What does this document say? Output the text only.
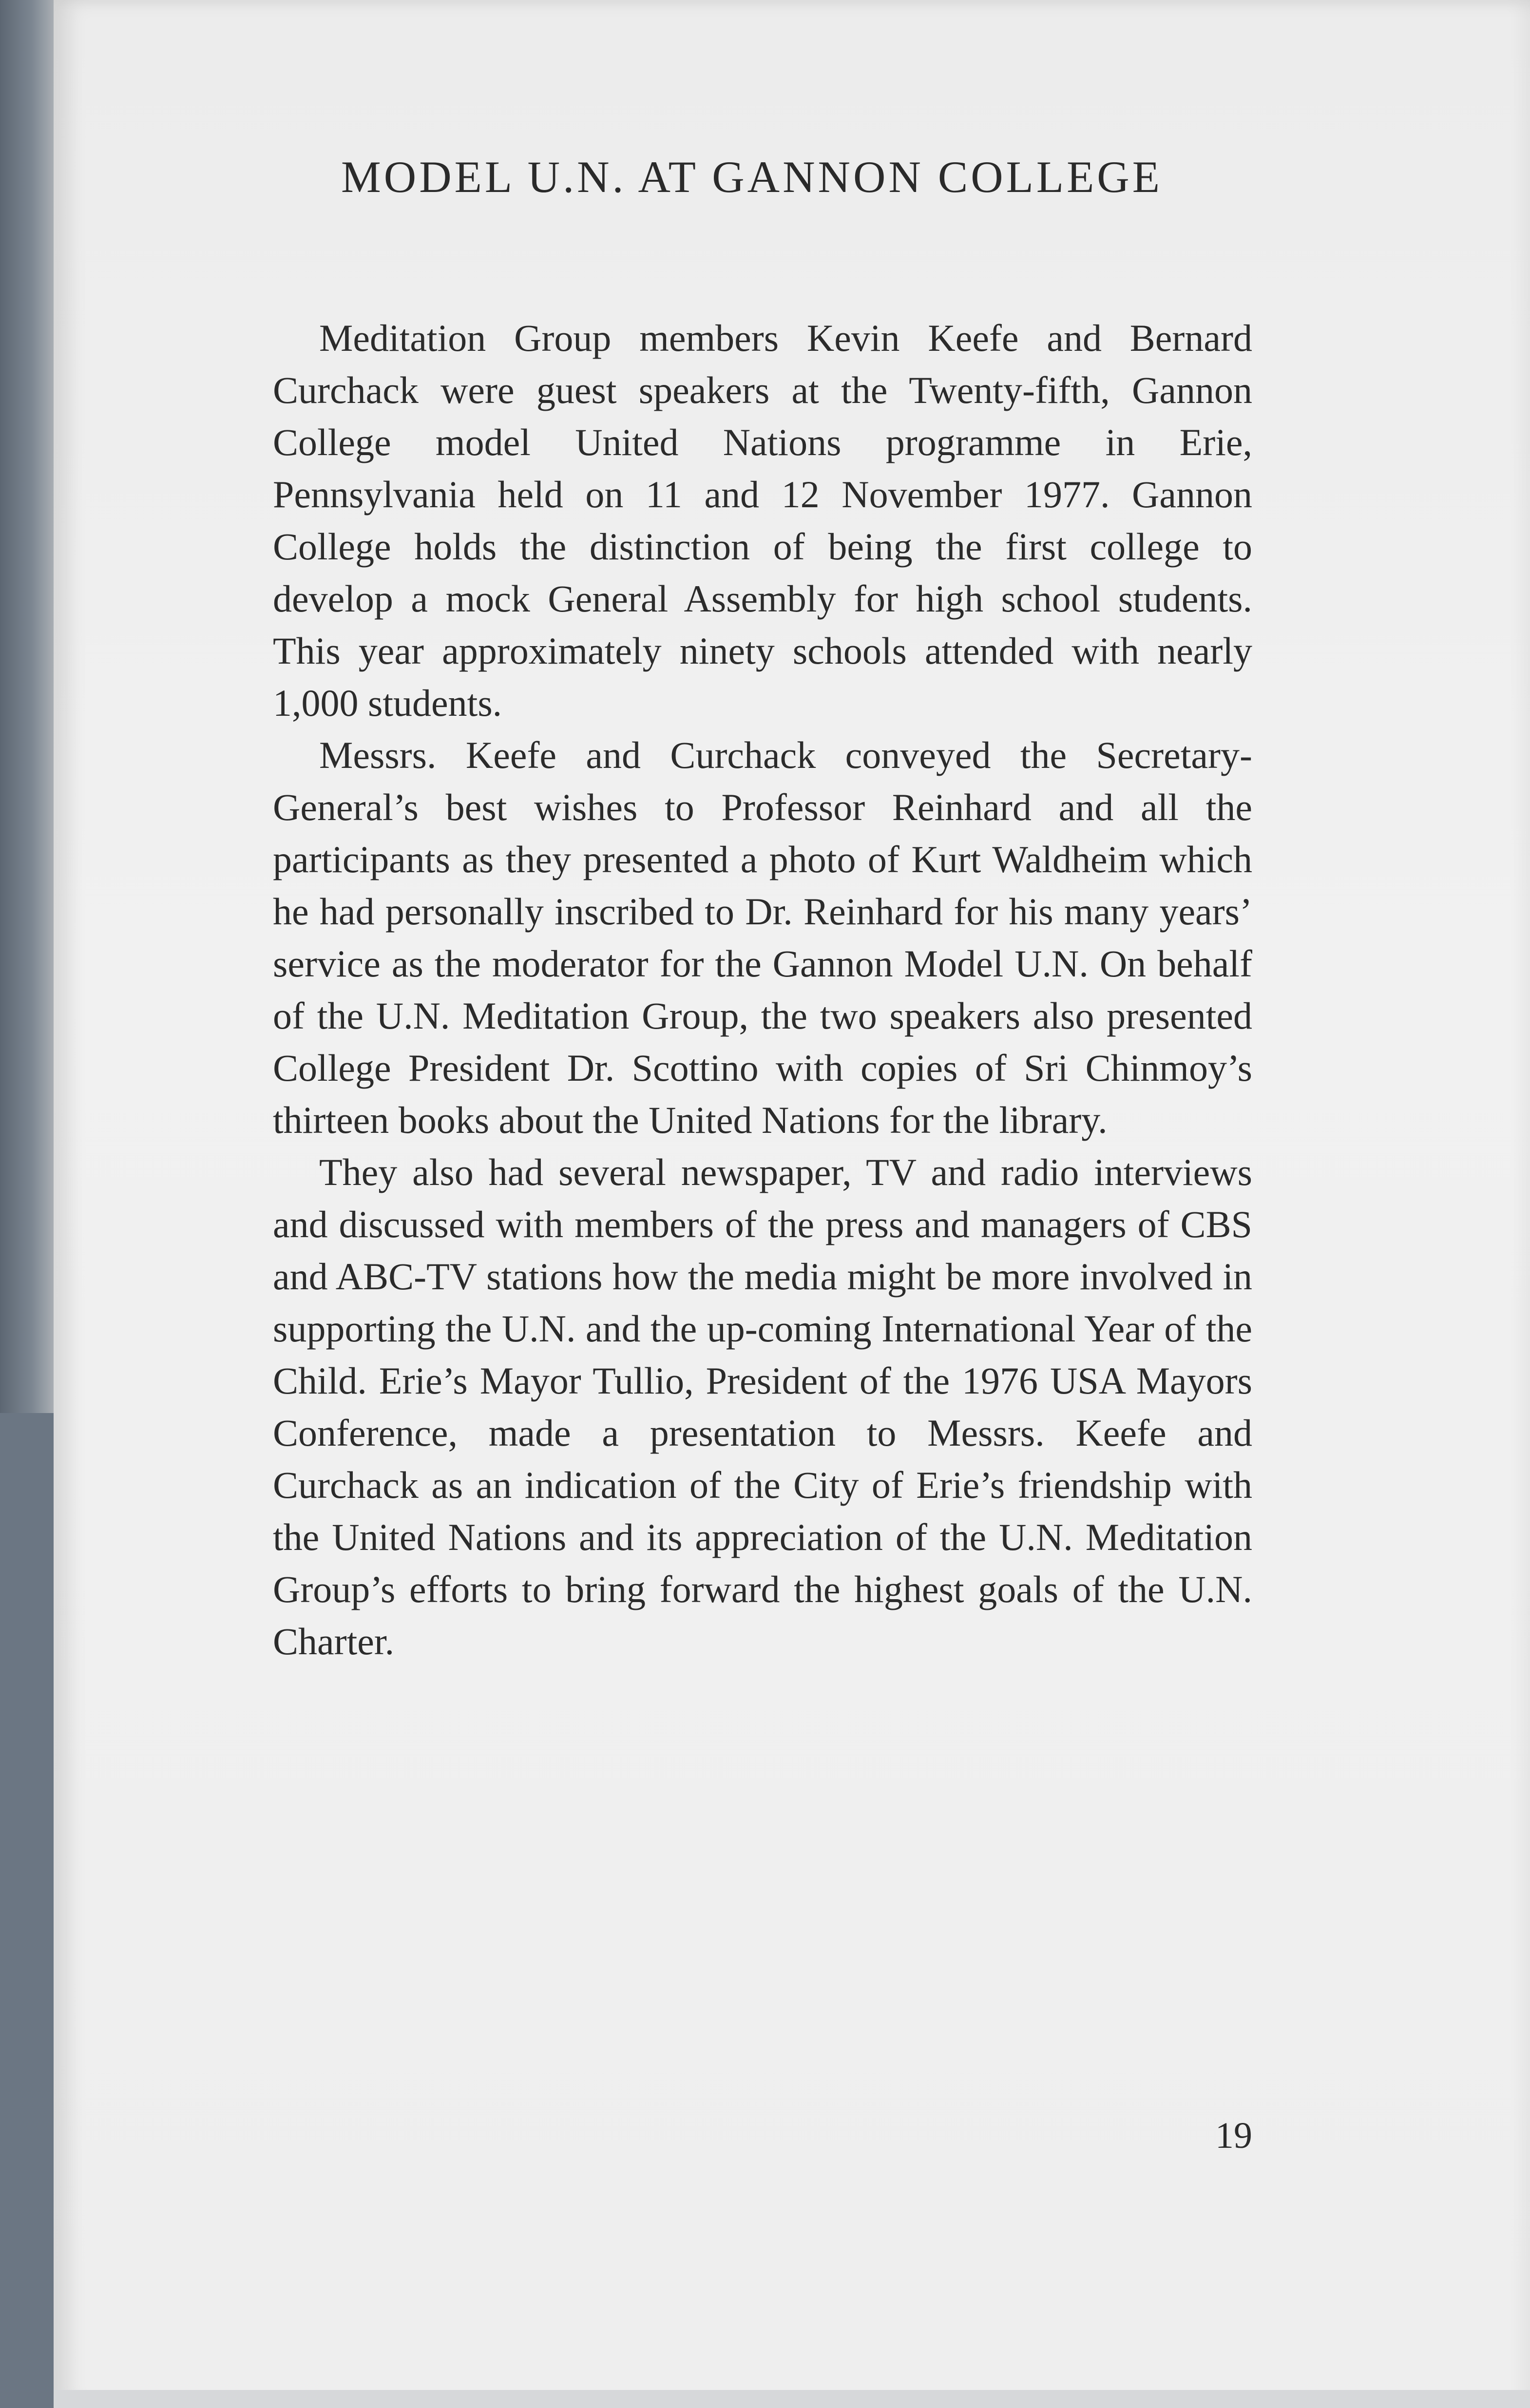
MODEL U.N. AT GANNON COLLEGE

Meditation Group members Kevin Keefe and Bernard Curchack were guest speakers at the Twenty-fifth, Gannon College model United Nations programme in Erie, Pennsylvania held on 11 and 12 November 1977. Gannon College holds the distinction of being the first college to develop a mock General Assembly for high school students. This year approximately ninety schools attended with nearly 1,000 students.

Messrs. Keefe and Curchack conveyed the Secretary-General’s best wishes to Professor Reinhard and all the participants as they presented a photo of Kurt Waldheim which he had personally inscribed to Dr. Reinhard for his many years’ service as the moderator for the Gannon Model U.N. On behalf of the U.N. Meditation Group, the two speakers also presented College President Dr. Scottino with copies of Sri Chinmoy’s thirteen books about the United Nations for the library.

They also had several newspaper, TV and radio interviews and discussed with members of the press and managers of CBS and ABC-TV stations how the media might be more involved in supporting the U.N. and the up-coming International Year of the Child. Erie’s Mayor Tullio, President of the 1976 USA Mayors Conference, made a presentation to Messrs. Keefe and Curchack as an indication of the City of Erie’s friendship with the United Nations and its appreciation of the U.N. Meditation Group’s efforts to bring forward the highest goals of the U.N. Charter.

19
